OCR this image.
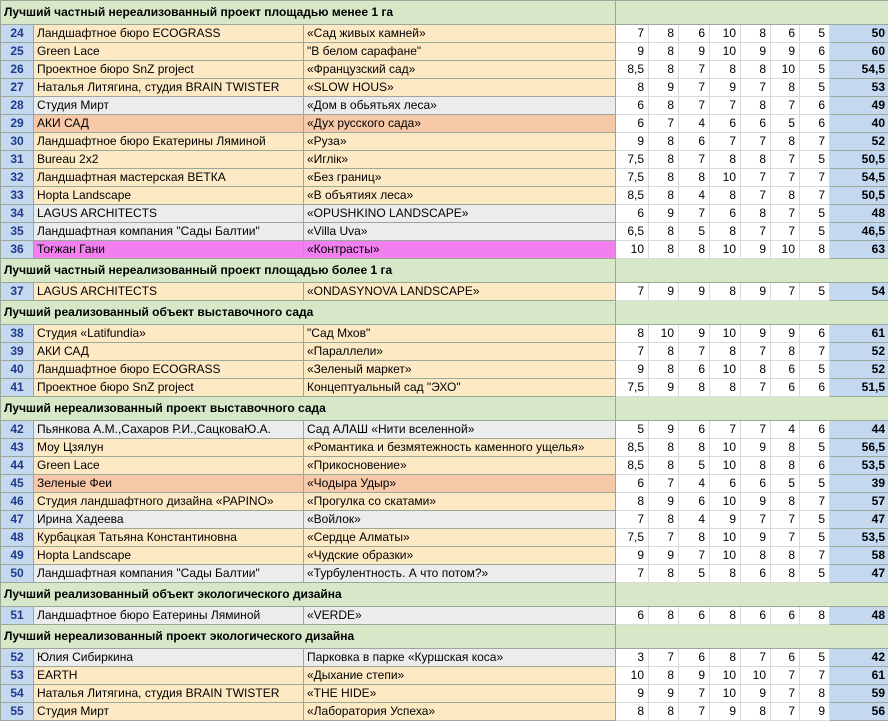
Лучший частный нереализованный проект площадью менее 1 га										
24	Ландшафтное бюро ECOGRASS	«Сад живых камней»	7	8	6	10	8	6	5	50
25	Green Lace	"В белом сарафане"	9	8	9	10	9	9	6	60
26	Проектное бюро SnZ project	«Французский сад»	8,5	8	7	8	8	10	5	54,5
27	Наталья Литягина, студия BRAIN TWISTER	«SLOW HOUS»	8	9	7	9	7	8	5	53
28	Студия Мирт	«Дом в обьятьях леса»	6	8	7	7	8	7	6	49
29	АКИ САД	«Дух русского сада»	6	7	4	6	6	5	6	40
30	Ландшафтное бюро Екатерины Ляминой	«Руза»	9	8	6	7	7	8	7	52
31	Bureau 2x2	«Иглік»	7,5	8	7	8	8	7	5	50,5
32	Ландшафтная мастерская ВЕТКА	«Без границ»	7,5	8	8	10	7	7	7	54,5
33	Hopta Landscape	«В объятиях леса»	8,5	8	4	8	7	8	7	50,5
34	LAGUS ARCHITECTS	«OPUSHKINO LANDSCAPE»	6	9	7	6	8	7	5	48
35	Ландшафтная компания "Сады Балтии"	«Villa Uva»	6,5	8	5	8	7	7	5	46,5
36	Тоғжан Гани	«Контрасты»	10	8	8	10	9	10	8	63
Лучший частный нереализованный проект площадью более 1 га										
37	LAGUS ARCHITECTS	«ONDASYNOVA LANDSCAPE»	7	9	9	8	9	7	5	54
Лучший реализованный объект выставочного сада										
38	Студия «Latifundia»	"Сад Мхов"	8	10	9	10	9	9	6	61
39	АКИ САД	«Параллели»	7	8	7	8	7	8	7	52
40	Ландшафтное бюро ECOGRASS	«Зеленый маркет»	9	8	6	10	8	6	5	52
41	Проектное бюро SnZ project	Концептуальный сад "ЭХО"	7,5	9	8	8	7	6	6	51,5
Лучший нереализованный проект выставочного сада										
42	Пьянкова А.М.,Сахаров Р.И.,СацковаЮ.А.	Сад АЛАШ «Нити вселенной»	5	9	6	7	7	4	6	44
43	Моу Цзялун	«Романтика и безмятежность каменного ущелья»	8,5	8	8	10	9	8	5	56,5
44	Green Lace	«Прикосновение»	8,5	8	5	10	8	8	6	53,5
45	Зеленые Феи	«Чодыра Удыр»	6	7	4	6	6	5	5	39
46	Студия ландшафтного дизайна «PAPINO»	«Прогулка со скатами»	8	9	6	10	9	8	7	57
47	Ирина Хадеева	«Войлок»	7	8	4	9	7	7	5	47
48	Курбацкая Татьяна Константиновна	«Сердце Алматы»	7,5	7	8	10	9	7	5	53,5
49	Hopta Landscape	«Чудские образки»	9	9	7	10	8	8	7	58
50	Ландшафтная компания "Сады Балтии"	«Турбулентность. А что потом?»	7	8	5	8	6	8	5	47
Лучший реализованный объект экологического дизайна										
51	Ландшафтное бюро Еатерины Ляминой	«VERDE»	6	8	6	8	6	6	8	48
Лучший нереализованный проект экологического дизайна										
52	Юлия Сибиркина	Парковка в парке «Куршская коса»	3	7	6	8	7	6	5	42
53	EARTH	«Дыхание степи»	10	8	9	10	10	7	7	61
54	Наталья Литягина, студия BRAIN TWISTER	«THE HIDE»	9	9	7	10	9	7	8	59
55	Студия Мирт	«Лаборатория Успеха»	8	8	7	9	8	7	9	56
